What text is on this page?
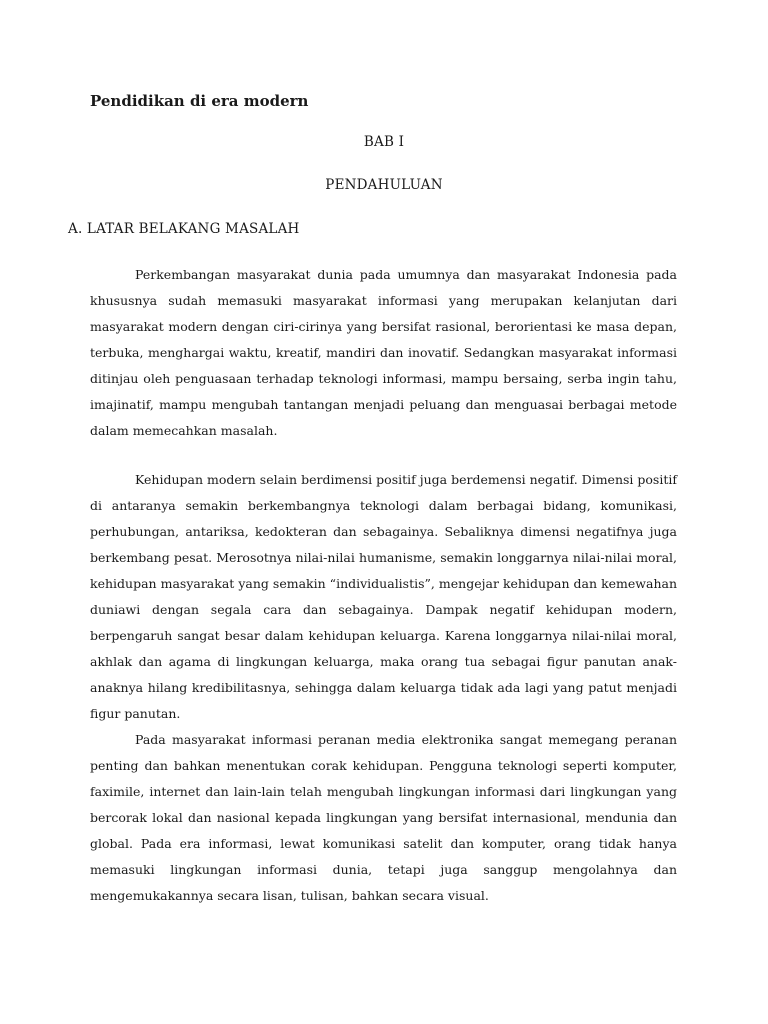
Pendidikan di era modern

BAB I

PENDAHULUAN

A. LATAR BELAKANG MASALAH

Perkembangan masyarakat dunia pada umumnya dan masyarakat Indonesia pada khususnya sudah memasuki masyarakat informasi yang merupakan kelanjutan dari masyarakat modern dengan ciri-cirinya yang bersifat rasional, berorientasi ke masa depan, terbuka, menghargai waktu, kreatif, mandiri dan inovatif. Sedangkan masyarakat informasi ditinjau oleh penguasaan terhadap teknologi informasi, mampu bersaing, serba ingin tahu, imajinatif, mampu mengubah tantangan menjadi peluang dan menguasai berbagai metode dalam memecahkan masalah.

Kehidupan modern selain berdimensi positif juga berdemensi negatif. Dimensi positif di antaranya semakin berkembangnya teknologi dalam berbagai bidang, komunikasi, perhubungan, antariksa, kedokteran dan sebagainya. Sebaliknya dimensi negatifnya juga berkembang pesat. Merosotnya nilai-nilai humanisme, semakin longgarnya nilai-nilai moral, kehidupan masyarakat yang semakin “individualistis”, mengejar kehidupan dan kemewahan duniawi dengan segala cara dan sebagainya. Dampak negatif kehidupan modern, berpengaruh sangat besar dalam kehidupan keluarga. Karena longgarnya nilai-nilai moral, akhlak dan agama di lingkungan keluarga, maka orang tua sebagai figur panutan anak-anaknya hilang kredibilitasnya, sehingga dalam keluarga tidak ada lagi yang patut menjadi figur panutan.

Pada masyarakat informasi peranan media elektronika sangat memegang peranan penting dan bahkan menentukan corak kehidupan. Pengguna teknologi seperti komputer, faximile, internet dan lain-lain telah mengubah lingkungan informasi dari lingkungan yang bercorak lokal dan nasional kepada lingkungan yang bersifat internasional, mendunia dan global. Pada era informasi, lewat komunikasi satelit dan komputer, orang tidak hanya memasuki lingkungan informasi dunia, tetapi juga sanggup mengolahnya dan mengemukakannya secara lisan, tulisan, bahkan secara visual.
